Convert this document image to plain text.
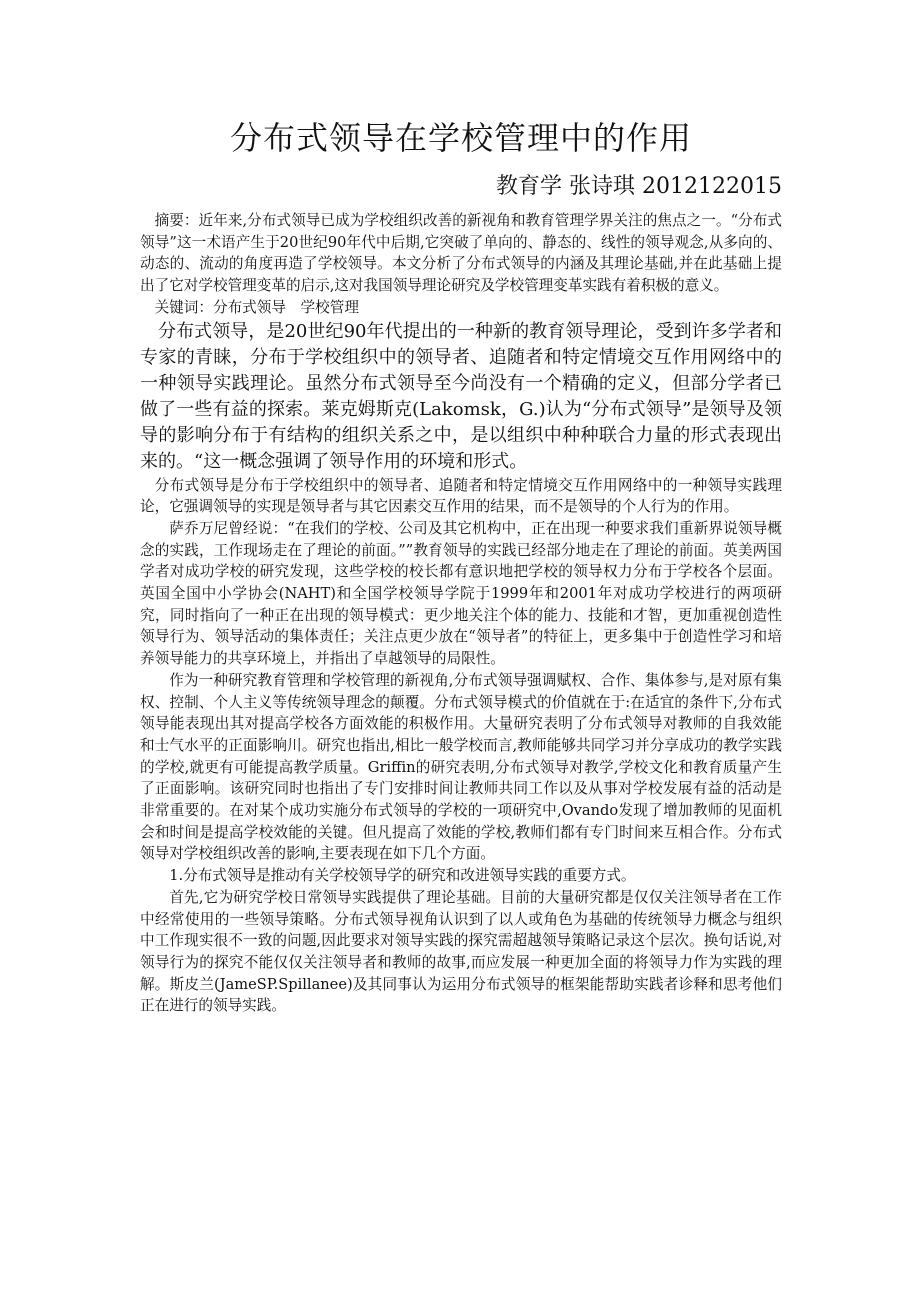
分布式领导在学校管理中的作用
教育学 张诗琪 2012122015

摘要：近年来,分布式领导已成为学校组织改善的新视角和教育管理学界关注的焦点之一。“分布式领导”这一术语产生于20世纪90年代中后期,它突破了单向的、静态的、线性的领导观念,从多向的、动态的、流动的角度再造了学校领导。本文分析了分布式领导的内涵及其理论基础,并在此基础上提出了它对学校管理变革的启示,这对我国领导理论研究及学校管理变革实践有着积极的意义。

关键词：分布式领导　学校管理

分布式领导，是20世纪90年代提出的一种新的教育领导理论，受到许多学者和专家的青睐，分布于学校组织中的领导者、追随者和特定情境交互作用网络中的一种领导实践理论。虽然分布式领导至今尚没有一个精确的定义，但部分学者已做了一些有益的探索。莱克姆斯克(Lakomsk，G.)认为“分布式领导”是领导及领导的影响分布于有结构的组织关系之中，是以组织中种种联合力量的形式表现出来的。“这一概念强调了领导作用的环境和形式。

分布式领导是分布于学校组织中的领导者、追随者和特定情境交互作用网络中的一种领导实践理论，它强调领导的实现是领导者与其它因素交互作用的结果，而不是领导的个人行为的作用。

萨乔万尼曾经说：“在我们的学校、公司及其它机构中，正在出现一种要求我们重新界说领导概念的实践，工作现场走在了理论的前面。””教育领导的实践已经部分地走在了理论的前面。英美两国学者对成功学校的研究发现，这些学校的校长都有意识地把学校的领导权力分布于学校各个层面。英国全国中小学协会(NAHT)和全国学校领导学院于1999年和2001年对成功学校进行的两项研究，同时指向了一种正在出现的领导模式：更少地关注个体的能力、技能和才智，更加重视创造性领导行为、领导活动的集体责任；关注点更少放在“领导者”的特征上，更多集中于创造性学习和培养领导能力的共享环境上，并指出了卓越领导的局限性。

作为一种研究教育管理和学校管理的新视角,分布式领导强调赋权、合作、集体参与,是对原有集权、控制、个人主义等传统领导理念的颠覆。分布式领导模式的价值就在于:在适宜的条件下,分布式领导能表现出其对提高学校各方面效能的积极作用。大量研究表明了分布式领导对教师的自我效能和士气水平的正面影响川。研究也指出,相比一般学校而言,教师能够共同学习并分享成功的教学实践的学校,就更有可能提高教学质量。Griffin的研究表明,分布式领导对教学,学校文化和教育质量产生了正面影响。该研究同时也指出了专门安排时间让教师共同工作以及从事对学校发展有益的活动是非常重要的。在对某个成功实施分布式领导的学校的一项研究中,Ovando发现了增加教师的见面机会和时间是提高学校效能的关键。但凡提高了效能的学校,教师们都有专门时间来互相合作。分布式领导对学校组织改善的影响,主要表现在如下几个方面。

1.分布式领导是推动有关学校领导学的研究和改进领导实践的重要方式。

首先,它为研究学校日常领导实践提供了理论基础。目前的大量研究都是仅仅关注领导者在工作中经常使用的一些领导策略。分布式领导视角认识到了以人或角色为基础的传统领导力概念与组织中工作现实很不一致的问题,因此要求对领导实践的探究需超越领导策略记录这个层次。换句话说,对领导行为的探究不能仅仅关注领导者和教师的故事,而应发展一种更加全面的将领导力作为实践的理解。斯皮兰(JameSP.Spillanee)及其同事认为运用分布式领导的框架能帮助实践者诊释和思考他们正在进行的领导实践。
